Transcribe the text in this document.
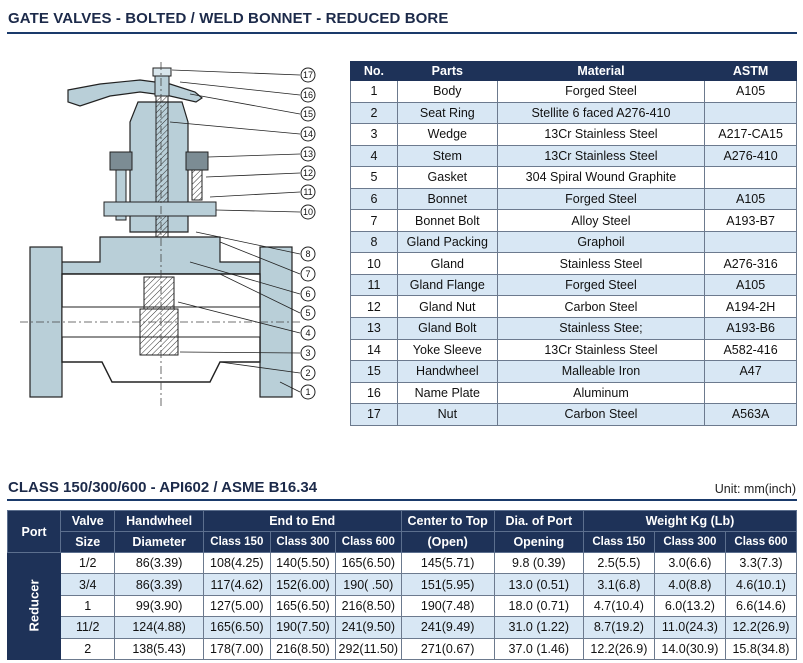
GATE VALVES - BOLTED / WELD BONNET - REDUCED BORE
17
16
15
14
13
12
11
10
8
7
6
5
4
3
2
1
No.	Parts	Material	ASTM
1	Body	Forged Steel	A105
2	Seat Ring	Stellite 6 faced A276-410	
3	Wedge	13Cr Stainless Steel	A217-CA15
4	Stem	13Cr Stainless Steel	A276-410
5	Gasket	304 Spiral Wound Graphite	
6	Bonnet	Forged Steel	A105
7	Bonnet Bolt	Alloy Steel	A193-B7
8	Gland Packing	Graphoil	
10	Gland	Stainless Steel	A276-316
11	Gland Flange	Forged Steel	A105
12	Gland Nut	Carbon Steel	A194-2H
13	Gland Bolt	Stainless Stee;	A193-B6
14	Yoke Sleeve	13Cr Stainless Steel	A582-416
15	Handwheel	Malleable Iron	A47
16	Name Plate	Aluminum	
17	Nut	Carbon Steel	A563A
CLASS 150/300/600 - API602 / ASME B16.34	Unit: mm(inch)
Port	Valve	Handwheel	End to End			Center to Top	Dia. of Port	Weight Kg (Lb)		
	Size	Diameter	Class 150	Class 300	Class 600	(Open)	Opening	Class 150	Class 300	Class 600
Reducer	1/2	86(3.39)	108(4.25)	140(5.50)	165(6.50)	145(5.71)	9.8 (0.39)	2.5(5.5)	3.0(6.6)	3.3(7.3)
	3/4	86(3.39)	117(4.62)	152(6.00)	190( .50)	151(5.95)	13.0 (0.51)	3.1(6.8)	4.0(8.8)	4.6(10.1)
	1	99(3.90)	127(5.00)	165(6.50)	216(8.50)	190(7.48)	18.0 (0.71)	4.7(10.4)	6.0(13.2)	6.6(14.6)
	11/2	124(4.88)	165(6.50)	190(7.50)	241(9.50)	241(9.49)	31.0 (1.22)	8.7(19.2)	11.0(24.3)	12.2(26.9)
	2	138(5.43)	178(7.00)	216(8.50)	292(11.50)	271(0.67)	37.0 (1.46)	12.2(26.9)	14.0(30.9)	15.8(34.8)
